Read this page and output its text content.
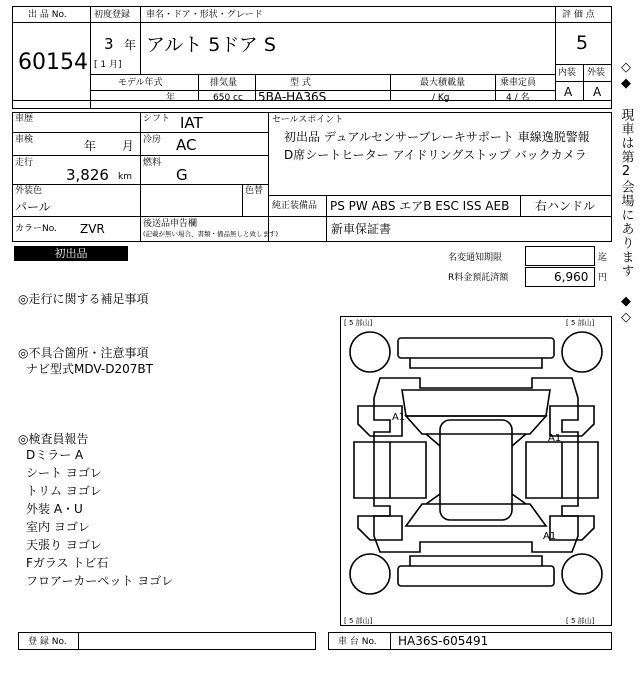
出 品 No.
60154
初度登録
3 年
[ 1 月]
車名・ドア・形状・グレード
アルト 5ドア S
評 価 点
5
内装 外装
A A
モデル年式
年
排気量
650 cc
型 式
5BA-HA36S
最大積載量
/ Kg
乗車定員
4 / 名
車歴	シフト IAT
車検	年 月 冷房 AC
走行
3,826 km
燃料
G
外装色
パール
色替
カラーNo. ZVR	後送品申告欄
(記載が無い場合、書類・備品無しと致します)
セールスポイント
初出品 デュアルセンサーブレーキサポート 車線逸脱警報
D席シートヒーター アイドリングストップ バックカメラ
純正装備品 PS PW ABS エアB ESC ISS AEB 右ハンドル
新車保証書
初出品	名変通知期限	迄
R料金預託済額	6,960 円
◎走行に関する補足事項
◎不具合箇所・注意事項
ナビ型式MDV-D207BT
◎検査員報告
Dミラー A
シート ヨゴレ
トリム ヨゴレ
外装 A・U
室内 ヨゴレ
天張り ヨゴレ
Fガラス トビ石
フロアーカーペット ヨゴレ
[ 5 部山]	[ 5 部山]
[ 5 部山]	[ 5 部山]
A1
A1
A1
◇◆ 現車は第2会場にあります ◆◇
登 録 No.	車 台 No. HA36S-605491
